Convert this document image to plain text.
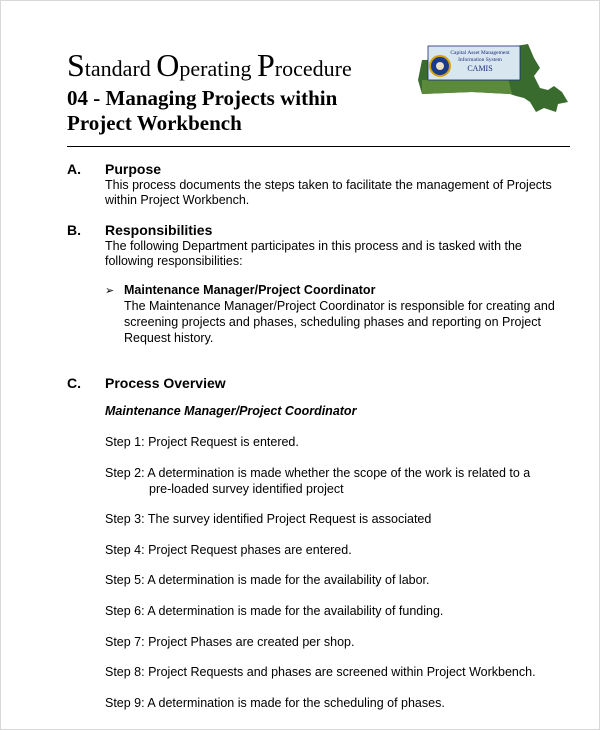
Standard Operating Procedure
04 - Managing Projects within
Project Workbench
Capital Asset Management
Information System
CAMIS
A. Purpose
This process documents the steps taken to facilitate the management of Projects
within Project Workbench.
B. Responsibilities
The following Department participates in this process and is tasked with the
following responsibilities:
➢ Maintenance Manager/Project Coordinator
The Maintenance Manager/Project Coordinator is responsible for creating and
screening projects and phases, scheduling phases and reporting on Project
Request history.
C. Process Overview
Maintenance Manager/Project Coordinator
Step 1: Project Request is entered.
Step 2: A determination is made whether the scope of the work is related to a
pre-loaded survey identified project
Step 3: The survey identified Project Request is associated
Step 4: Project Request phases are entered.
Step 5: A determination is made for the availability of labor.
Step 6: A determination is made for the availability of funding.
Step 7: Project Phases are created per shop.
Step 8: Project Requests and phases are screened within Project Workbench.
Step 9: A determination is made for the scheduling of phases.
